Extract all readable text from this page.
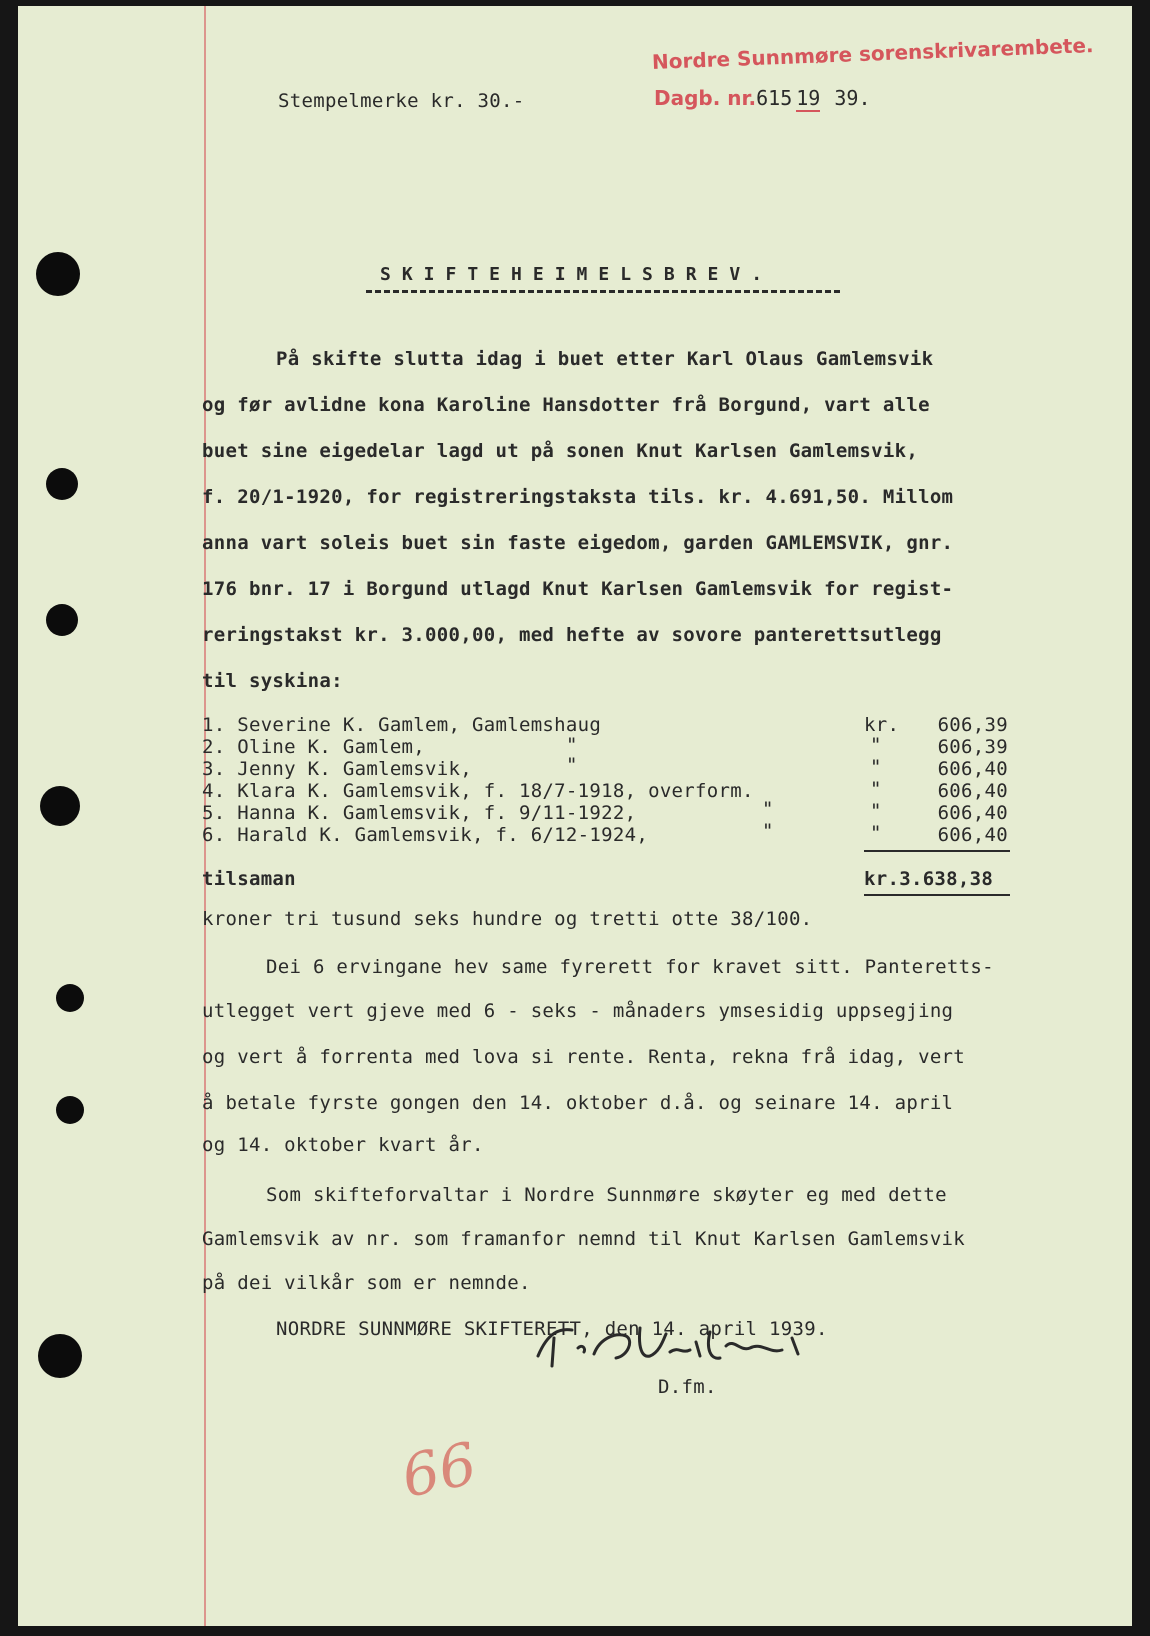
Nordre Sunnmøre sorenskrivarembete.
Dagb. nr.615 19 39.
Stempelmerke kr. 30.-
SKIFTEHEIMELSBREV.
På skifte slutta idag i buet etter Karl Olaus Gamlemsvik
og før avlidne kona Karoline Hansdotter frå Borgund, vart alle
buet sine eigedelar lagd ut på sonen Knut Karlsen Gamlemsvik,
f. 20/1-1920, for registreringstaksta tils. kr. 4.691,50. Millom
anna vart soleis buet sin faste eigedom, garden GAMLEMSVIK, gnr.
176 bnr. 17 i Borgund utlagd Knut Karlsen Gamlemsvik for regist-
reringstakst kr. 3.000,00, med hefte av sovore panterettsutlegg
til syskina:
1. Severine K. Gamlem, Gamlemshaug	kr.	606,39
2. Oline K. Gamlem,	"	"	606,39
3. Jenny K. Gamlemsvik,	"	"	606,40
4. Klara K. Gamlemsvik, f. 18/7-1918, overform.	"	606,40
5. Hanna K. Gamlemsvik, f. 9/11-1922,	"	"	606,40
6. Harald K. Gamlemsvik, f. 6/12-1924,	"	"	606,40
tilsaman	kr.3.638,38
kroner tri tusund seks hundre og tretti otte 38/100.
Dei 6 ervingane hev same fyrerett for kravet sitt. Panteretts-
utlegget vert gjeve med 6 - seks - månaders ymsesidig uppsegjing
og vert å forrenta med lova si rente. Renta, rekna frå idag, vert
å betale fyrste gongen den 14. oktober d.å. og seinare 14. april
og 14. oktober kvart år.
Som skifteforvaltar i Nordre Sunnmøre skøyter eg med dette
Gamlemsvik av nr. som framanfor nemnd til Knut Karlsen Gamlemsvik
på dei vilkår som er nemnde.
NORDRE SUNNMØRE SKIFTERETT, den 14. april 1939.
D.fm.
66
